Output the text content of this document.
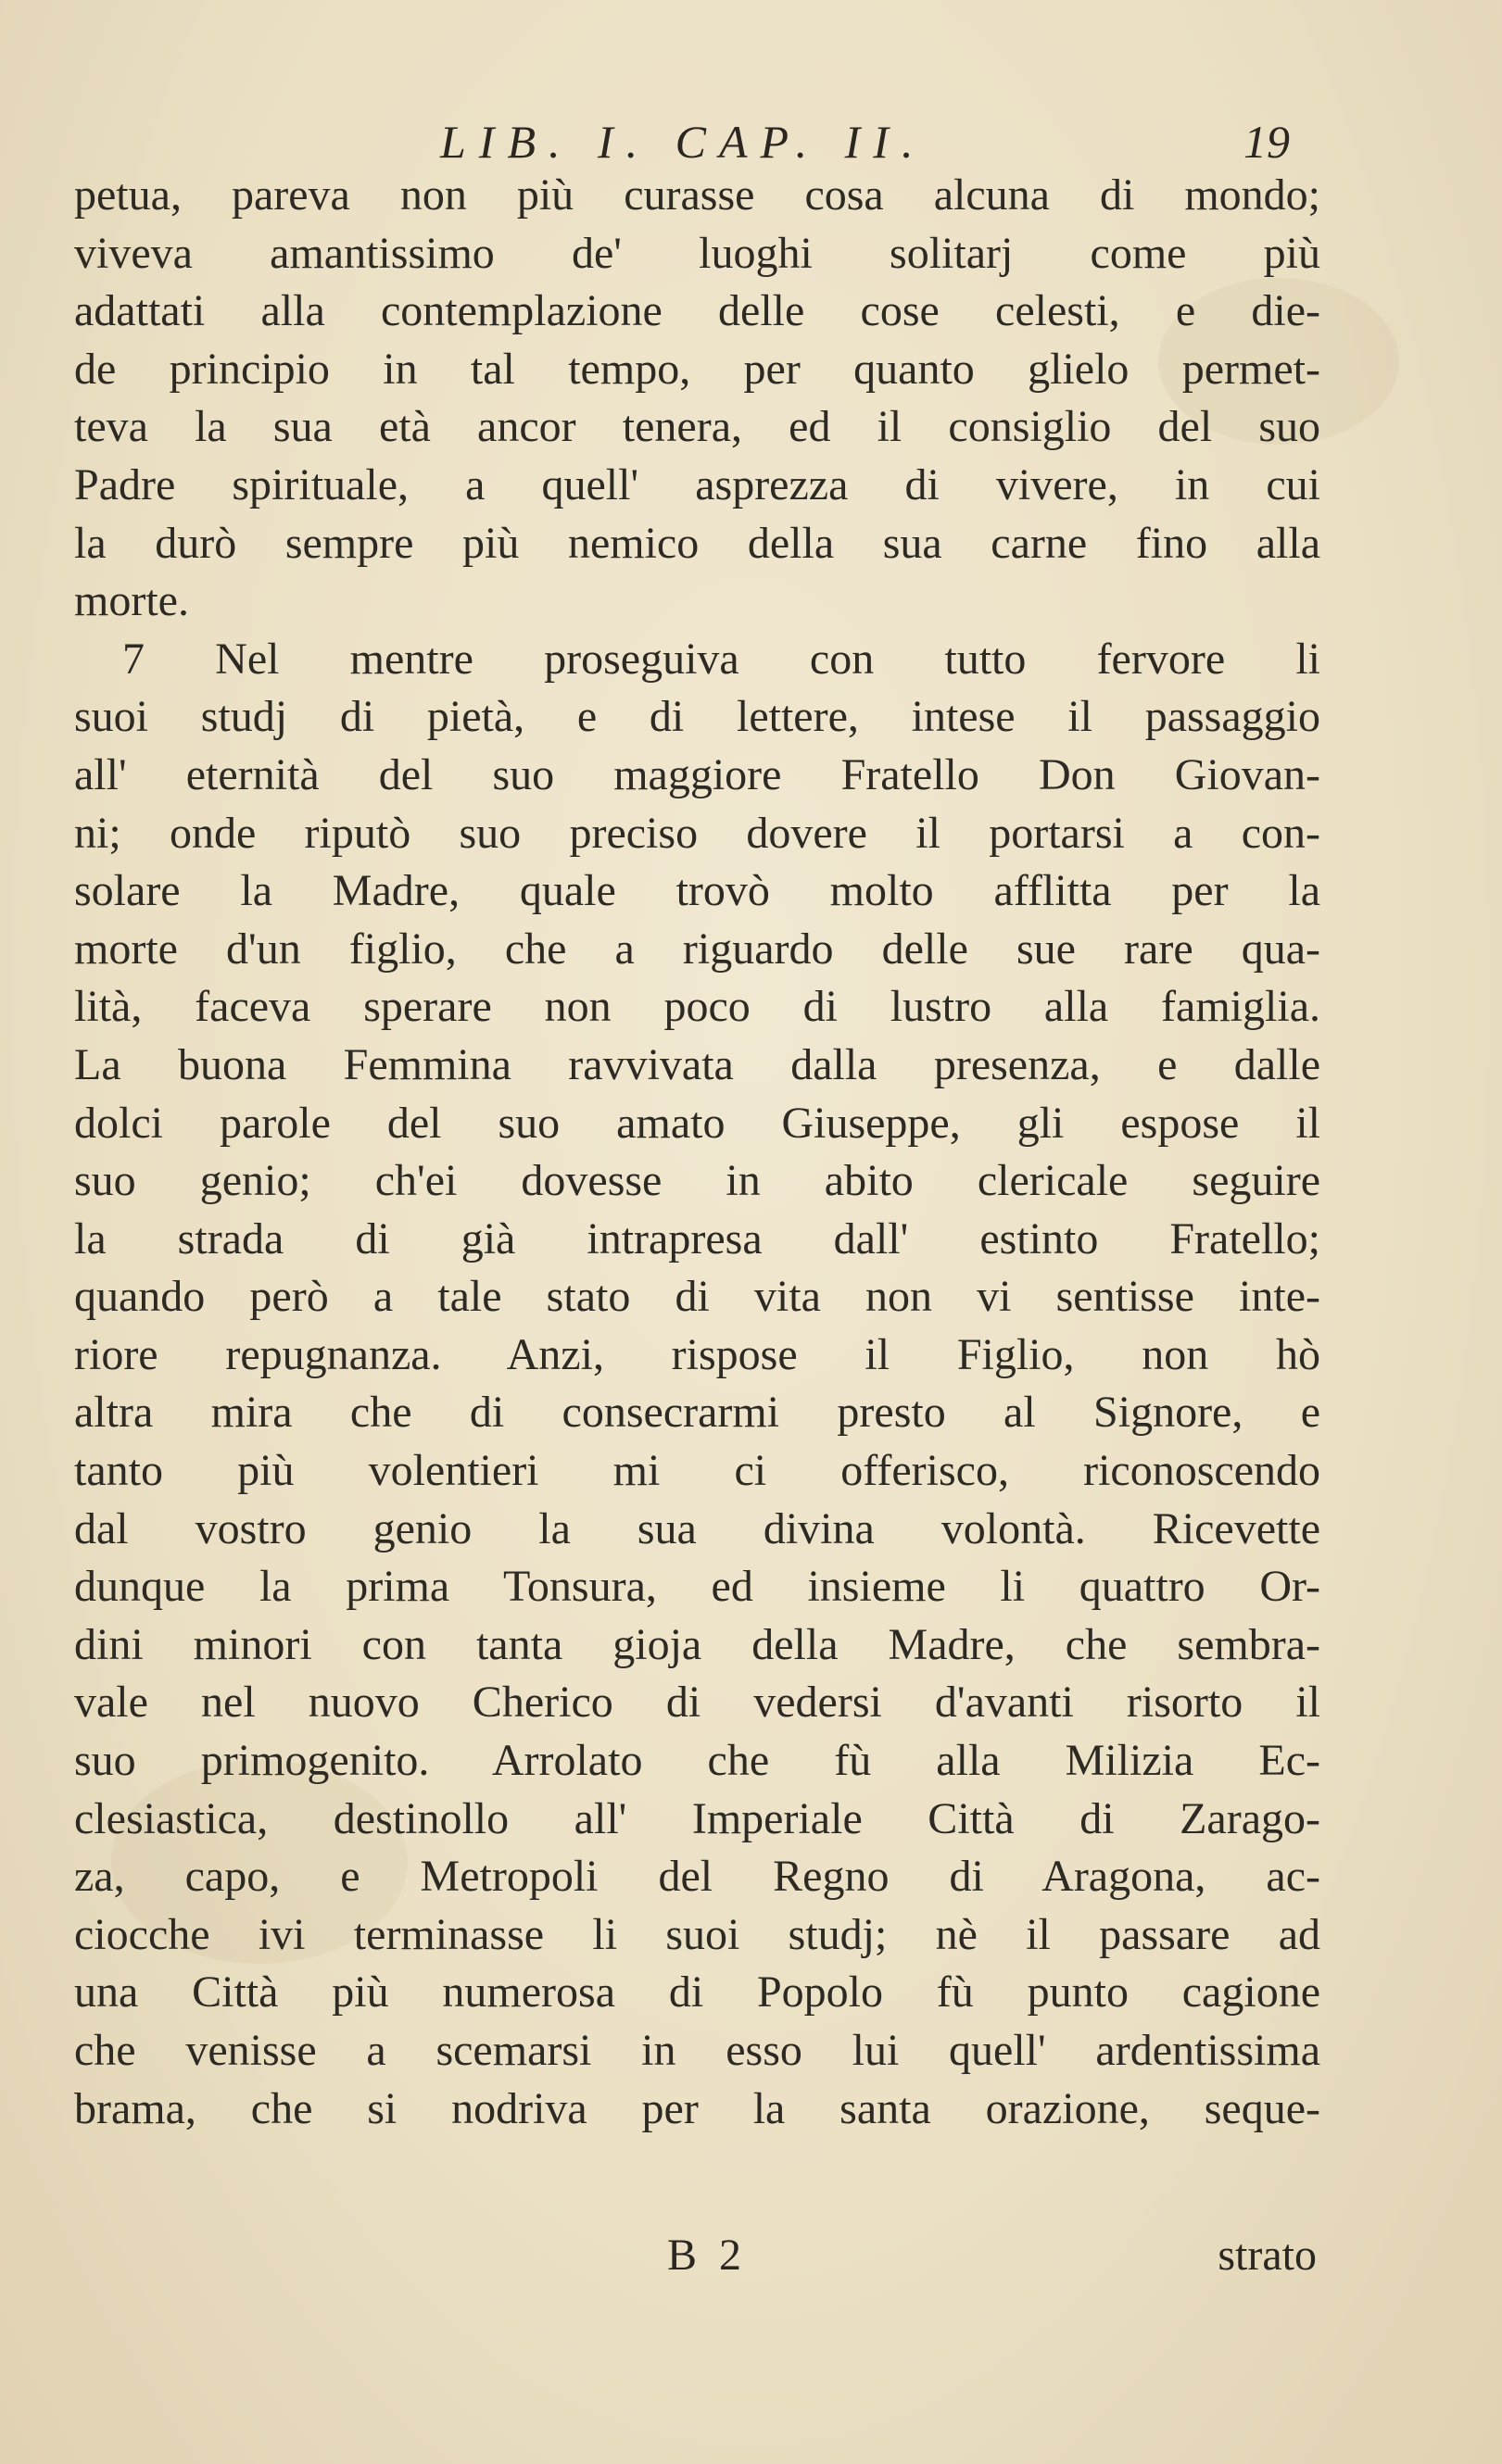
LIB. I. CAP. II.	19
petua, pareva non più curasse cosa alcuna di mondo;
viveva amantissimo de' luoghi solitarj come più
adattati alla contemplazione delle cose celesti, e die-
de principio in tal tempo, per quanto glielo permet-
teva la sua età ancor tenera, ed il consiglio del suo
Padre spirituale, a quell' asprezza di vivere, in cui
la durò sempre più nemico della sua carne fino alla
morte.
7 Nel mentre proseguiva con tutto fervore li
suoi studj di pietà, e di lettere, intese il passaggio
all' eternità del suo maggiore Fratello Don Giovan-
ni; onde riputò suo preciso dovere il portarsi a con-
solare la Madre, quale trovò molto afflitta per la
morte d'un figlio, che a riguardo delle sue rare qua-
lità, faceva sperare non poco di lustro alla famiglia.
La buona Femmina ravvivata dalla presenza, e dalle
dolci parole del suo amato Giuseppe, gli espose il
suo genio; ch'ei dovesse in abito clericale seguire
la strada di già intrapresa dall' estinto Fratello;
quando però a tale stato di vita non vi sentisse inte-
riore repugnanza. Anzi, rispose il Figlio, non hò
altra mira che di consecrarmi presto al Signore, e
tanto più volentieri mi ci offerisco, riconoscendo
dal vostro genio la sua divina volontà. Ricevette
dunque la prima Tonsura, ed insieme li quattro Or-
dini minori con tanta gioja della Madre, che sembra-
vale nel nuovo Cherico di vedersi d'avanti risorto il
suo primogenito. Arrolato che fù alla Milizia Ec-
clesiastica, destinollo all' Imperiale Città di Zarago-
za, capo, e Metropoli del Regno di Aragona, ac-
ciocche ivi terminasse li suoi studj; nè il passare ad
una Città più numerosa di Popolo fù punto cagione
che venisse a scemarsi in esso lui quell' ardentissima
brama, che si nodriva per la santa orazione, seque-
B 2	strato
